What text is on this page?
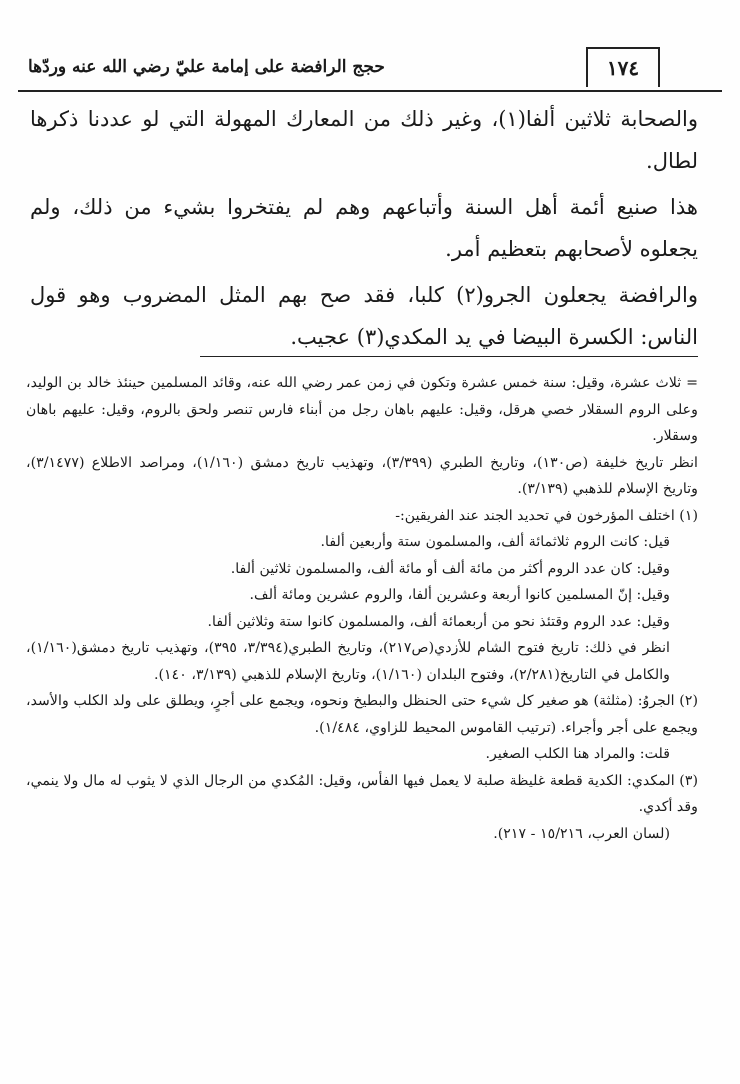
١٧٤
حجج الرافضة على إمامة عليّ رضي الله عنه وردّها

والصحابة ثلاثين ألفا(١)، وغير ذلك من المعارك المهولة التي لو عددنا ذكرها لطال.

هذا صنيع أئمة أهل السنة وأتباعهم وهم لم يفتخروا بشيء من ذلك، ولم يجعلوه لأصحابهم بتعظيم أمر.

والرافضة يجعلون الجرو(٢) كلبا، فقد صح بهم المثل المضروب وهو قول الناس: الكسرة البيضا في يد المكدي(٣) عجيب.

= ثلاث عشرة، وقيل: سنة خمس عشرة وتكون في زمن عمر رضي الله عنه، وقائد المسلمين حينئذ خالد بن الوليد، وعلى الروم السقلار خصي هرقل، وقيل: عليهم باهان رجل من أبناء فارس تنصر ولحق بالروم، وقيل: عليهم باهان وسقلار.

انظر تاريخ خليفة (ص١٣٠)، وتاريخ الطبري (٣/٣٩٩)، وتهذيب تاريخ دمشق (١/١٦٠)، ومراصد الاطلاع (٣/١٤٧٧)، وتاريخ الإسلام للذهبي (٣/١٣٩).

(١) اختلف المؤرخون في تحديد الجند عند الفريقين:-

قيل: كانت الروم ثلاثمائة ألف، والمسلمون ستة وأربعين ألفا.

وقيل: كان عدد الروم أكثر من مائة ألف أو مائة ألف، والمسلمون ثلاثين ألفا.

وقيل: إنّ المسلمين كانوا أربعة وعشرين ألفا، والروم عشرين ومائة ألف.

وقيل: عدد الروم وقتئذ نحو من أربعمائة ألف، والمسلمون كانوا ستة وثلاثين ألفا.

انظر في ذلك: تاريخ فتوح الشام للأزدي(ص٢١٧)، وتاريخ الطبري(٣/٣٩٤، ٣٩٥)، وتهذيب تاريخ دمشق(١/١٦٠)، والكامل في التاريخ(٢/٢٨١)، وفتوح البلدان (١/١٦٠)، وتاريخ الإسلام للذهبي (٣/١٣٩، ١٤٠).

(٢) الجروُ: (مثلثة) هو صغير كل شيء حتى الحنظل والبطيخ ونحوه، ويجمع على أجرٍ، ويطلق على ولد الكلب والأسد، ويجمع على أجر وأجراء. (ترتيب القاموس المحيط للزاوي، ١/٤٨٤).

قلت: والمراد هنا الكلب الصغير.

(٣) المكدي: الكدية قطعة غليظة صلبة لا يعمل فيها الفأس، وقيل: المُكدي من الرجال الذي لا يثوب له مال ولا ينمي، وقد أكدي.

(لسان العرب، ١٥/٢١٦ - ٢١٧).
